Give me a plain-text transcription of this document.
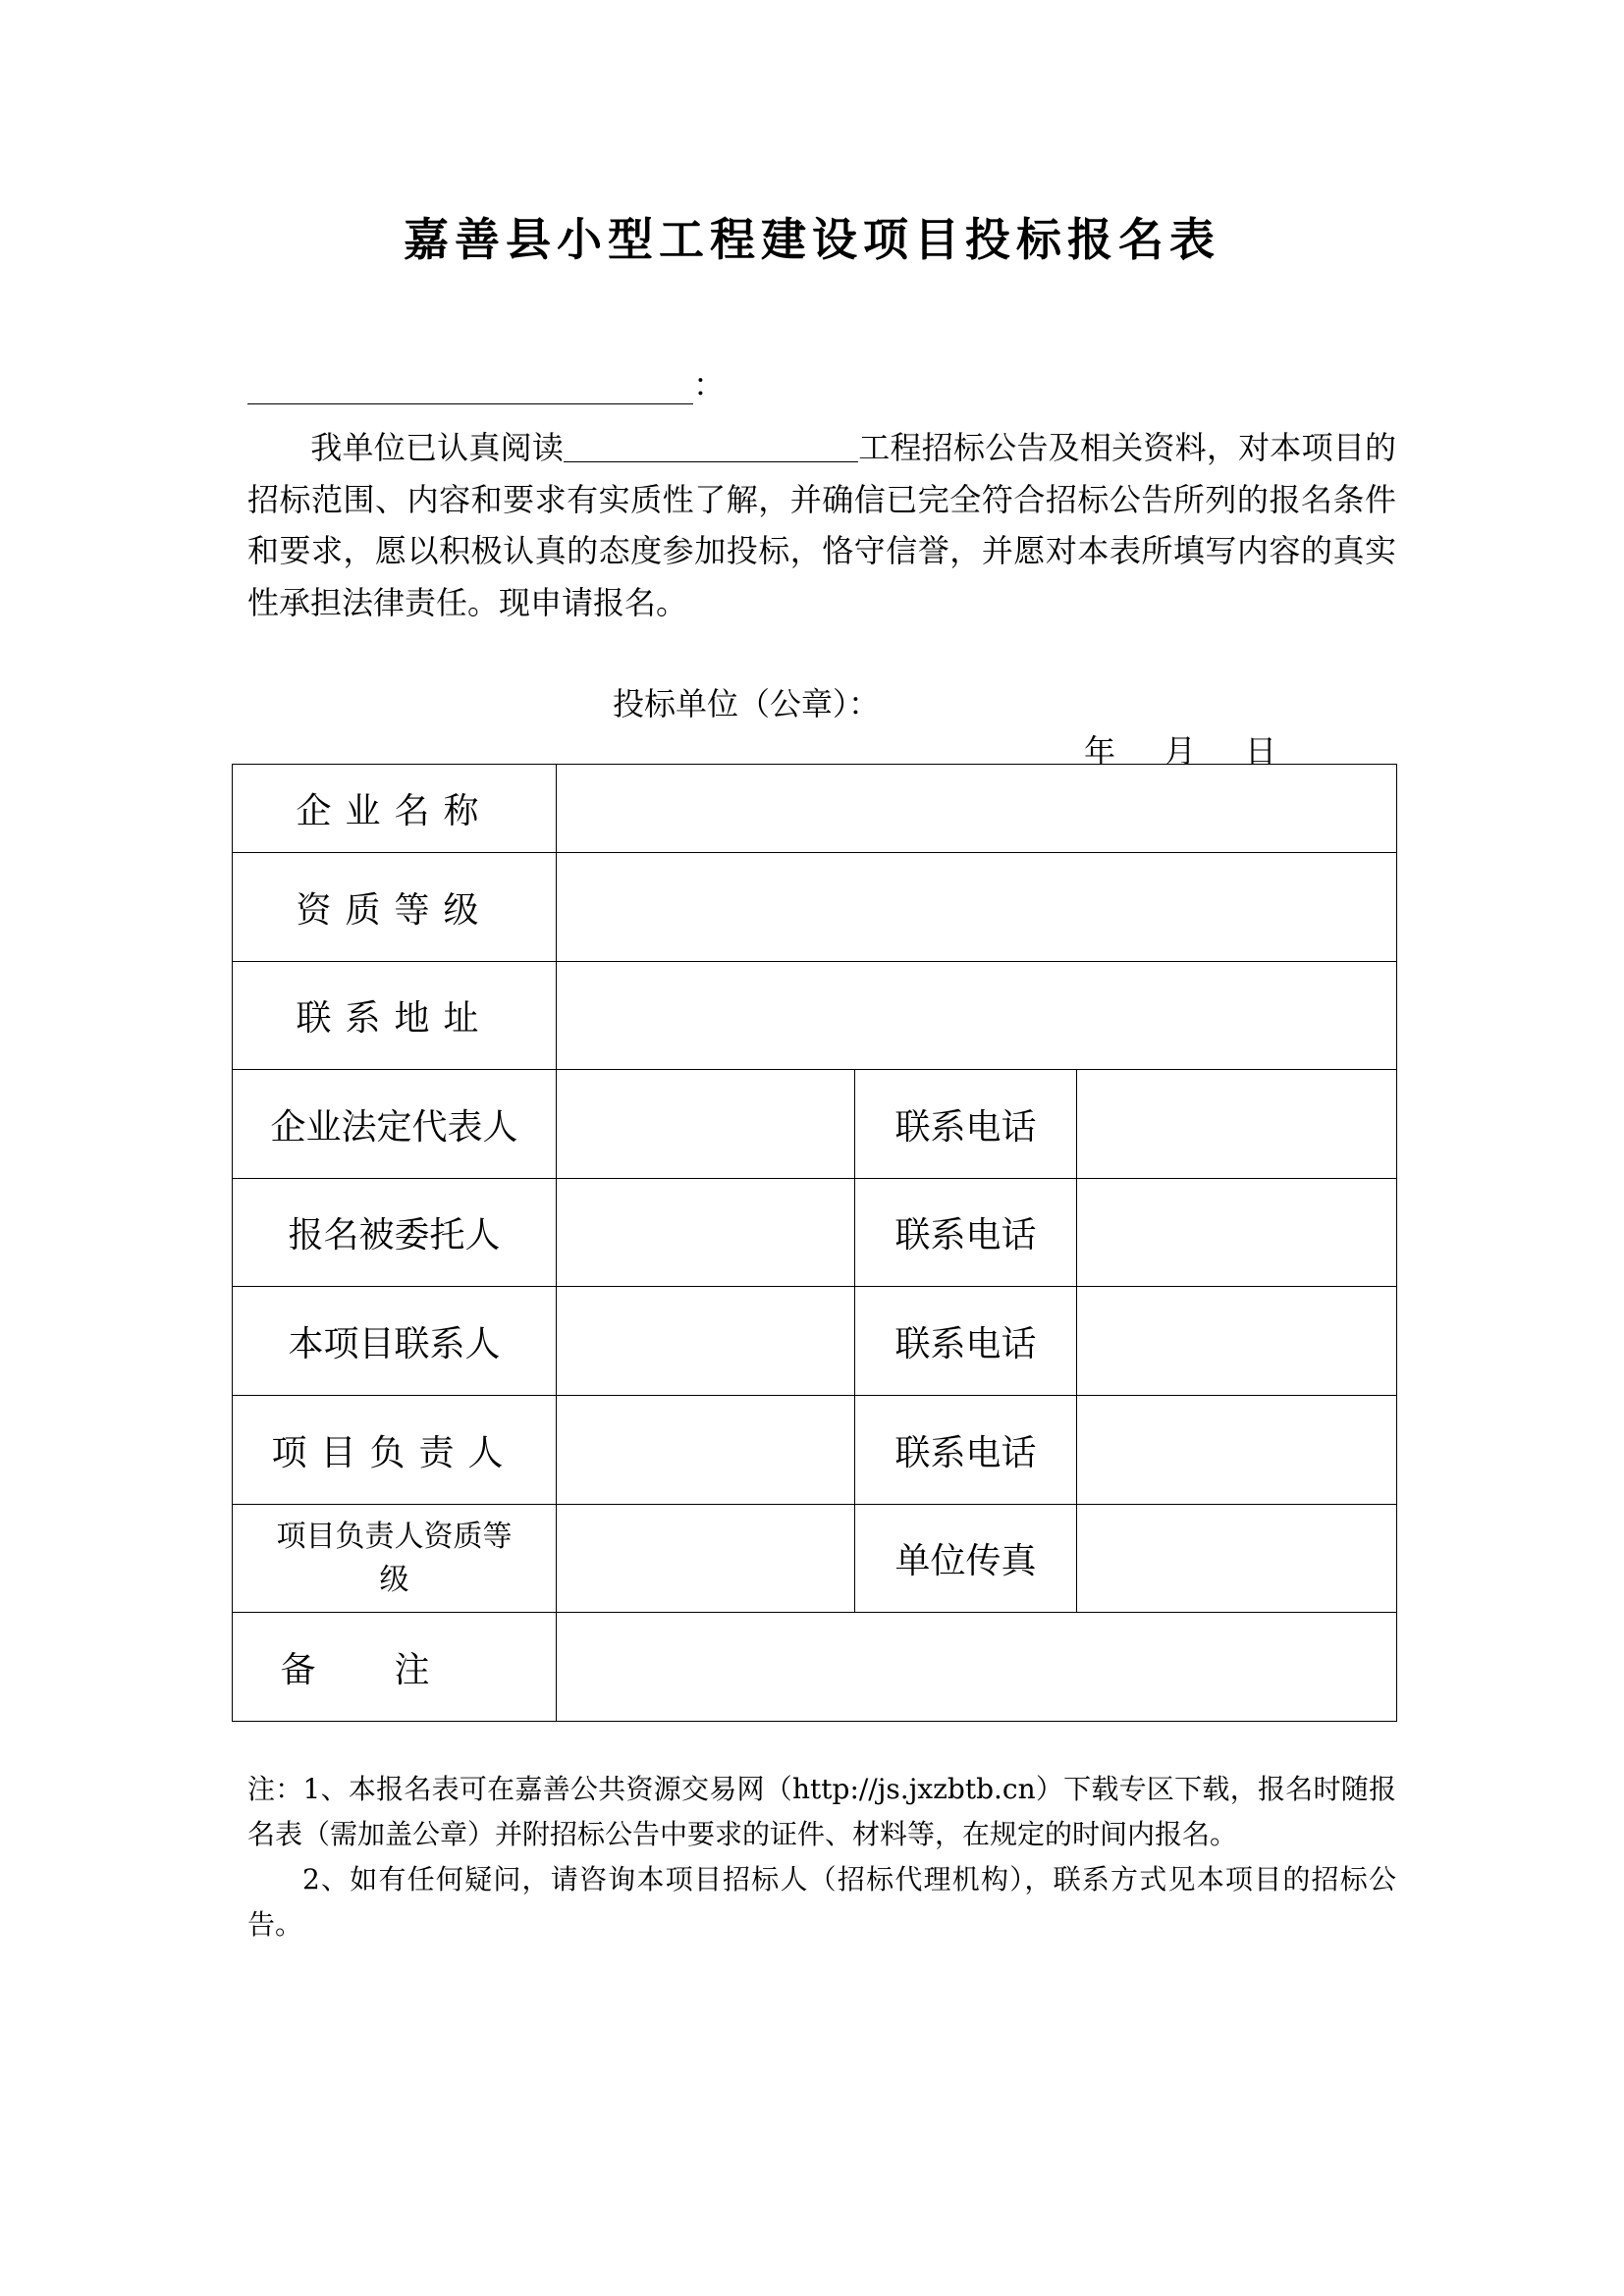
嘉善县小型工程建设项目投标报名表
：
我单位已认真阅读	工程招标公告及相关资料，对本项目的招标范围、内容和要求有实质性了解，并确信已完全符合招标公告所列的报名条件和要求，愿以积极认真的态度参加投标，恪守信誉，并愿对本表所填写内容的真实性承担法律责任。现申请报名。
投标单位（公章）：
年 月 日
企业名称			
资质等级			
联系地址			
企业法定代表人		联系电话	
报名被委托人		联系电话	
本项目联系人		联系电话	
项目负责人		联系电话	
项目负责人资质等级		单位传真	
备注			

注：1、本报名表可在嘉善公共资源交易网（http://js.jxzbtb.cn）下载专区下载，报名时随报名表（需加盖公章）并附招标公告中要求的证件、材料等，在规定的时间内报名。

2、如有任何疑问，请咨询本项目招标人（招标代理机构），联系方式见本项目的招标公告。
